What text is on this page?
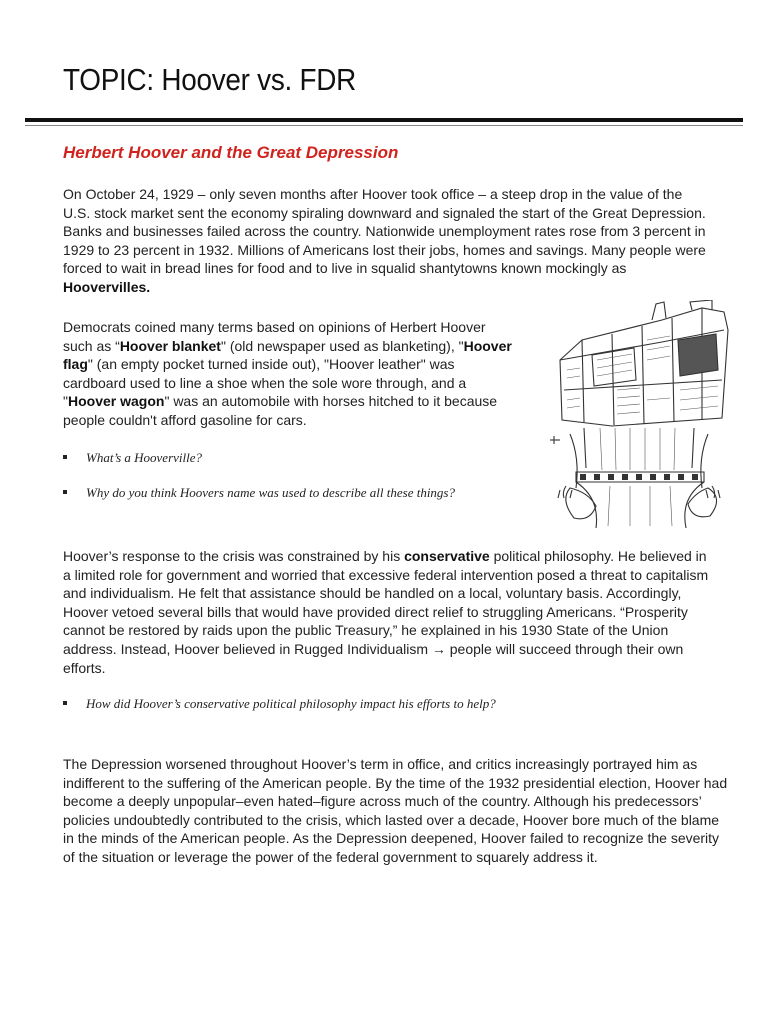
TOPIC: Hoover vs. FDR
Herbert Hoover and the Great Depression

On October 24, 1929 – only seven months after Hoover took office – a steep drop in the value of the U.S. stock market sent the economy spiraling downward and signaled the start of the Great Depression. Banks and businesses failed across the country. Nationwide unemployment rates rose from 3 percent in 1929 to 23 percent in 1932. Millions of Americans lost their jobs, homes and savings. Many people were forced to wait in bread lines for food and to live in squalid shantytowns known mockingly as Hoovervilles.

Democrats coined many terms based on opinions of Herbert Hoover such as “Hoover blanket" (old newspaper used as blanketing), "Hoover flag" (an empty pocket turned inside out), "Hoover leather" was cardboard used to line a shoe when the sole wore through, and a "Hoover wagon" was an automobile with horses hitched to it because people couldn't afford gasoline for cars.

What’s a Hooverville?
Why do you think Hoovers name was used to describe all these things?

Hoover’s response to the crisis was constrained by his conservative political philosophy. He believed in a limited role for government and worried that excessive federal intervention posed a threat to capitalism and individualism. He felt that assistance should be handled on a local, voluntary basis. Accordingly, Hoover vetoed several bills that would have provided direct relief to struggling Americans. “Prosperity cannot be restored by raids upon the public Treasury,” he explained in his 1930 State of the Union address. Instead, Hoover believed in Rugged Individualism → people will succeed through their own efforts.

How did Hoover’s conservative political philosophy impact his efforts to help?

The Depression worsened throughout Hoover’s term in office, and critics increasingly portrayed him as indifferent to the suffering of the American people. By the time of the 1932 presidential election, Hoover had become a deeply unpopular–even hated–figure across much of the country. Although his predecessors’ policies undoubtedly contributed to the crisis, which lasted over a decade, Hoover bore much of the blame in the minds of the American people. As the Depression deepened, Hoover failed to recognize the severity of the situation or leverage the power of the federal government to squarely address it.
